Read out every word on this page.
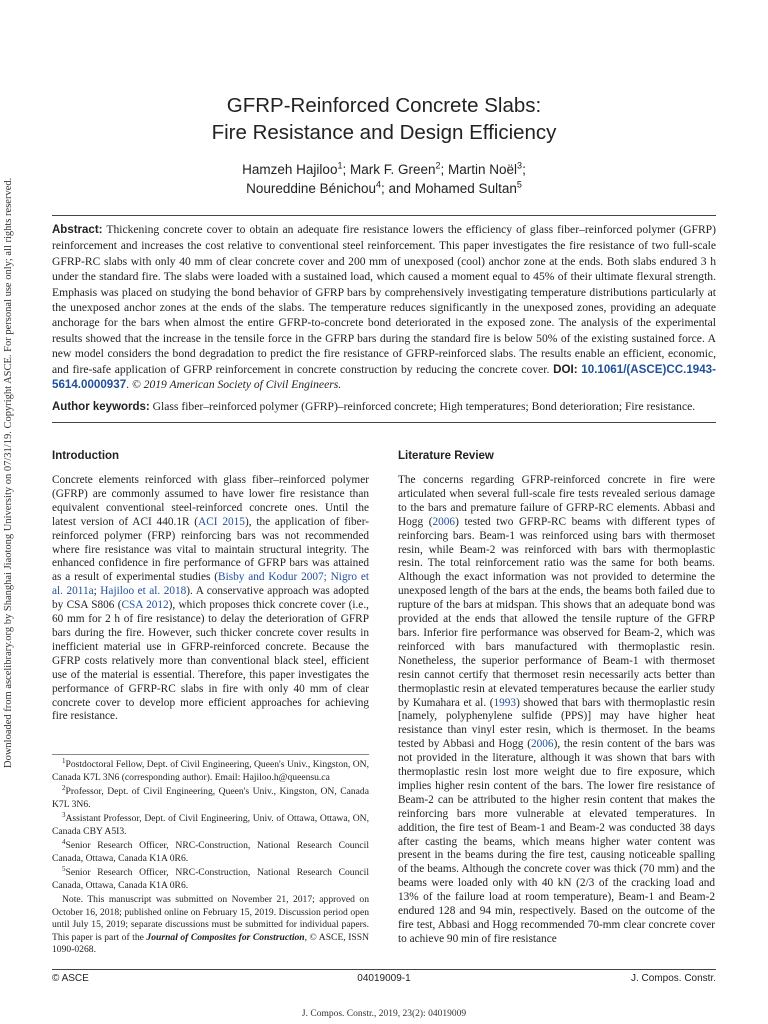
Downloaded from ascelibrary.org by Shanghai Jiaotong University on 07/31/19. Copyright ASCE. For personal use only; all rights reserved.
GFRP-Reinforced Concrete Slabs:
Fire Resistance and Design Efficiency
Hamzeh Hajiloo$^1$; Mark F. Green$^2$; Martin Noël$^3$;
Noureddine Bénichou$^4$; and Mohamed Sultan$^5$

Abstract: Thickening concrete cover to obtain an adequate fire resistance lowers the efficiency of glass fiber–reinforced polymer (GFRP) reinforcement and increases the cost relative to conventional steel reinforcement. This paper investigates the fire resistance of two full-scale GFRP-RC slabs with only 40 mm of clear concrete cover and 200 mm of unexposed (cool) anchor zone at the ends. Both slabs endured 3 h under the standard fire. The slabs were loaded with a sustained load, which caused a moment equal to 45% of their ultimate flexural strength. Emphasis was placed on studying the bond behavior of GFRP bars by comprehensively investigating temperature distributions particularly at the unexposed anchor zones at the ends of the slabs. The temperature reduces significantly in the unexposed zones, providing an adequate anchorage for the bars when almost the entire GFRP-to-concrete bond deteriorated in the exposed zone. The analysis of the experimental results showed that the increase in the tensile force in the GFRP bars during the standard fire is below 50% of the existing sustained force. A new model considers the bond degradation to predict the fire resistance of GFRP-reinforced slabs. The results enable an efficient, economic, and fire-safe application of GFRP reinforcement in concrete construction by reducing the concrete cover. DOI: 10.1061/(ASCE)CC.1943-5614.0000937. © 2019 American Society of Civil Engineers.

Author keywords: Glass fiber–reinforced polymer (GFRP)–reinforced concrete; High temperatures; Bond deterioration; Fire resistance.

Introduction

Concrete elements reinforced with glass fiber–reinforced polymer (GFRP) are commonly assumed to have lower fire resistance than equivalent conventional steel-reinforced concrete ones. Until the latest version of ACI 440.1R (ACI 2015), the application of fiber-reinforced polymer (FRP) reinforcing bars was not recommended where fire resistance was vital to maintain structural integrity. The enhanced confidence in fire performance of GFRP bars was attained as a result of experimental studies (Bisby and Kodur 2007; Nigro et al. 2011a; Hajiloo et al. 2018). A conservative approach was adopted by CSA S806 (CSA 2012), which proposes thick concrete cover (i.e., 60 mm for 2 h of fire resistance) to delay the deterioration of GFRP bars during the fire. However, such thicker concrete cover results in inefficient material use in GFRP-reinforced concrete. Because the GFRP costs relatively more than conventional black steel, efficient use of the material is essential. Therefore, this paper investigates the performance of GFRP-RC slabs in fire with only 40 mm of clear concrete cover to develop more efficient approaches for achieving fire resistance.

$^1$Postdoctoral Fellow, Dept. of Civil Engineering, Queen's Univ., Kingston, ON, Canada K7L 3N6 (corresponding author). Email: Hajiloo.h@queensu.ca

$^2$Professor, Dept. of Civil Engineering, Queen's Univ., Kingston, ON, Canada K7L 3N6.

$^3$Assistant Professor, Dept. of Civil Engineering, Univ. of Ottawa, Ottawa, ON, Canada CBY A5I3.

$^4$Senior Research Officer, NRC-Construction, National Research Council Canada, Ottawa, Canada K1A 0R6.

$^5$Senior Research Officer, NRC-Construction, National Research Council Canada, Ottawa, Canada K1A 0R6.

Note. This manuscript was submitted on November 21, 2017; approved on October 16, 2018; published online on February 15, 2019. Discussion period open until July 15, 2019; separate discussions must be submitted for individual papers. This paper is part of the Journal of Composites for Construction, © ASCE, ISSN 1090-0268.

Literature Review

The concerns regarding GFRP-reinforced concrete in fire were articulated when several full-scale fire tests revealed serious damage to the bars and premature failure of GFRP-RC elements. Abbasi and Hogg (2006) tested two GFRP-RC beams with different types of reinforcing bars. Beam-1 was reinforced using bars with thermoset resin, while Beam-2 was reinforced with bars with thermoplastic resin. The total reinforcement ratio was the same for both beams. Although the exact information was not provided to determine the unexposed length of the bars at the ends, the beams both failed due to rupture of the bars at midspan. This shows that an adequate bond was provided at the ends that allowed the tensile rupture of the GFRP bars. Inferior fire performance was observed for Beam-2, which was reinforced with bars manufactured with thermoplastic resin. Nonetheless, the superior performance of Beam-1 with thermoset resin cannot certify that thermoset resin necessarily acts better than thermoplastic resin at elevated temperatures because the earlier study by Kumahara et al. (1993) showed that bars with thermoplastic resin [namely, polyphenylene sulfide (PPS)] may have higher heat resistance than vinyl ester resin, which is thermoset. In the beams tested by Abbasi and Hogg (2006), the resin content of the bars was not provided in the literature, although it was shown that bars with thermoplastic resin lost more weight due to fire exposure, which implies higher resin content of the bars. The lower fire resistance of Beam-2 can be attributed to the higher resin content that makes the reinforcing bars more vulnerable at elevated temperatures. In addition, the fire test of Beam-1 and Beam-2 was conducted 38 days after casting the beams, which means higher water content was present in the beams during the fire test, causing noticeable spalling of the beams. Although the concrete cover was thick (70 mm) and the beams were loaded only with 40 kN (2/3 of the cracking load and 13% of the failure load at room temperature), Beam-1 and Beam-2 endured 128 and 94 min, respectively. Based on the outcome of the fire test, Abbasi and Hogg recommended 70-mm clear concrete cover to achieve 90 min of fire resistance

© ASCE	04019009-1	J. Compos. Constr.
J. Compos. Constr., 2019, 23(2): 04019009
